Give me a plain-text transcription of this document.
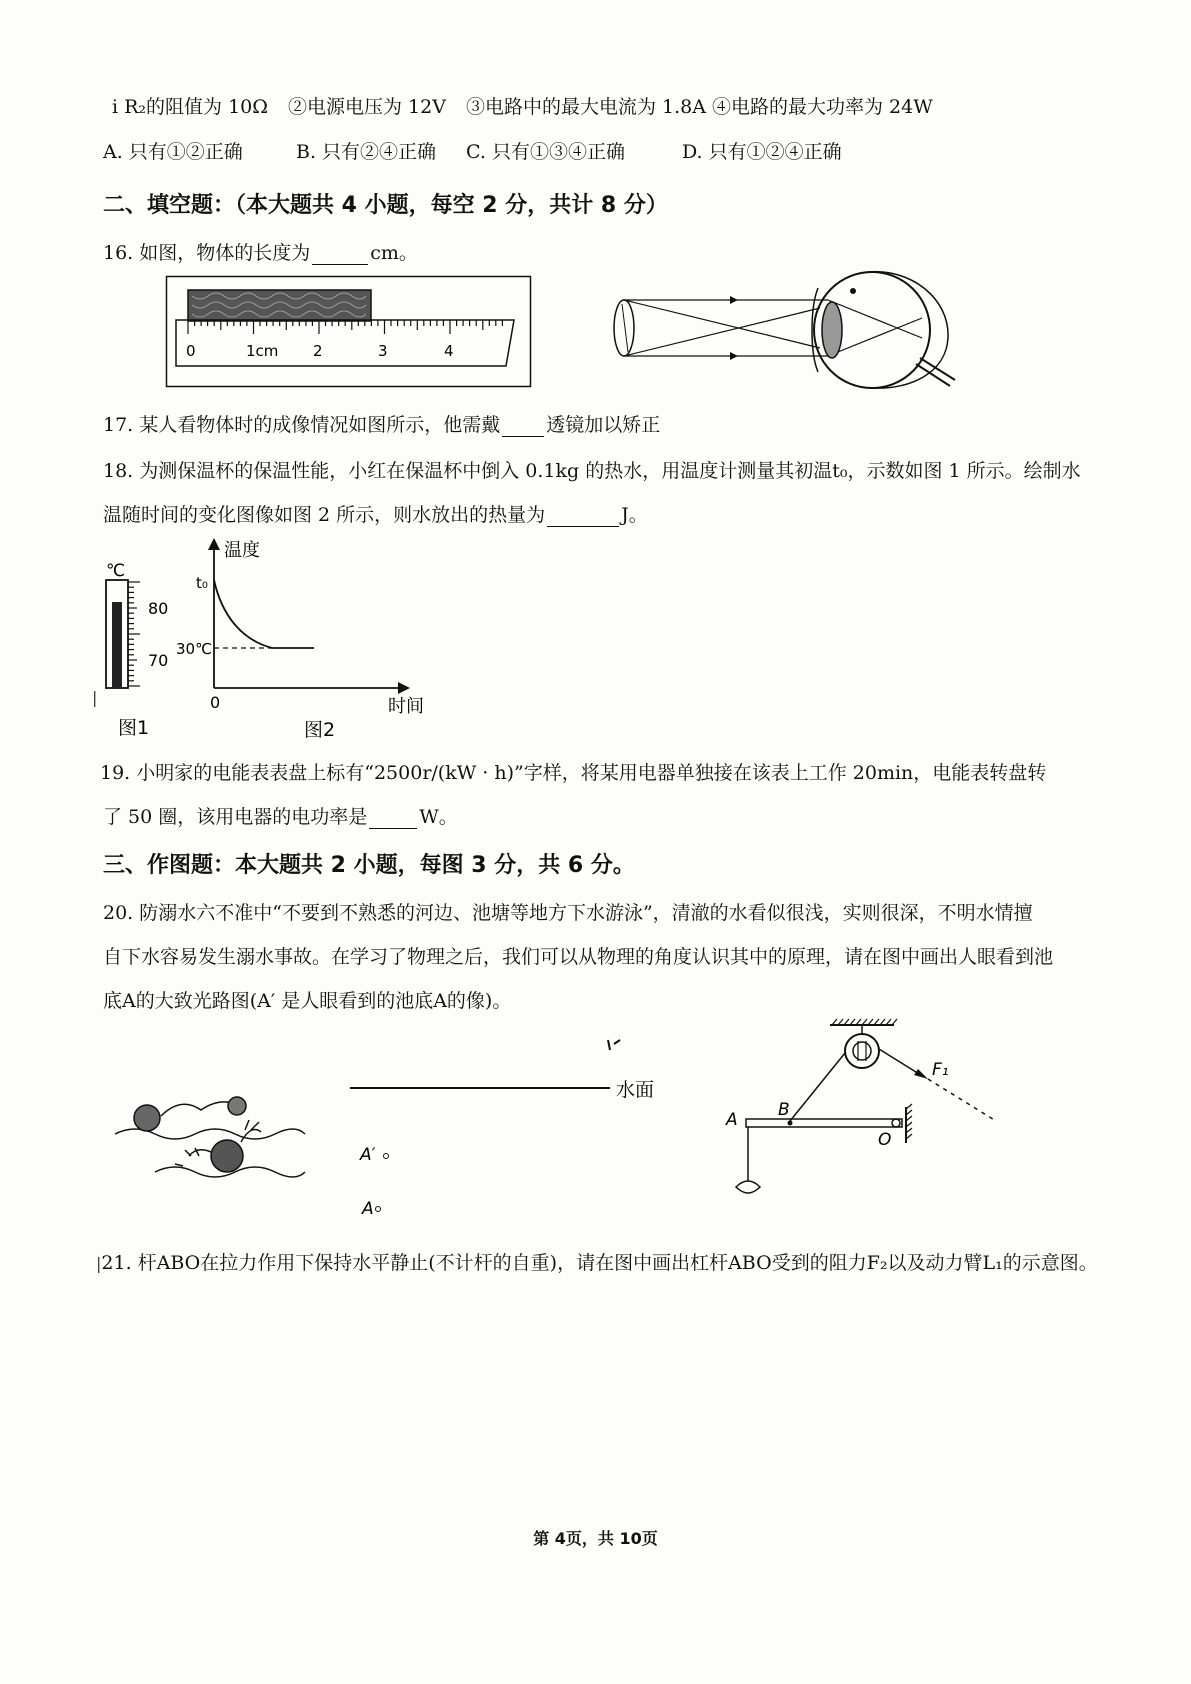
i R₂的阻值为 10Ω ②电源电压为 12V ③电路中的最大电流为 1.8A ④电路的最大功率为 24W
A. 只有①②正确	B. 只有②④正确 C. 只有①③④正确	D. 只有①②④正确
二、填空题：（本大题共 4 小题，每空 2 分，共计 8 分）
16. 如图，物体的长度为	cm。
0	1cm 2	3	4
17. 某人看物体时的成像情况如图所示，他需戴 透镜加以矫正
18. 为测保温杯的保温性能，小红在保温杯中倒入 0.1kg 的热水，用温度计测量其初温t₀，示数如图 1 所示。绘制水
温随时间的变化图像如图 2 所示，则水放出的热量为	J。
℃
80
70
图1
温度
t₀
30℃
0	时间
图2
|
19. 小明家的电能表表盘上标有“2500r/(kW · h)”字样，将某用电器单独接在该表上工作 20min，电能表转盘转
了 50 圈，该用电器的电功率是	W。
三、作图题：本大题共 2 小题，每图 3 分，共 6 分。
20. 防溺水六不准中“不要到不熟悉的河边、池塘等地方下水游泳”，清澈的水看似很浅，实则很深，不明水情擅
自下水容易发生溺水事故。在学习了物理之后，我们可以从物理的角度认识其中的原理，请在图中画出人眼看到池
底A的大致光路图(A′ 是人眼看到的池底A的像)。
水面
A′
A
F₁
A B
O
|21. 杆ABO在拉力作用下保持水平静止(不计杆的自重)，请在图中画出杠杆ABO受到的阻力F₂以及动力臂L₁的示意图。
第 4页，共 10页
